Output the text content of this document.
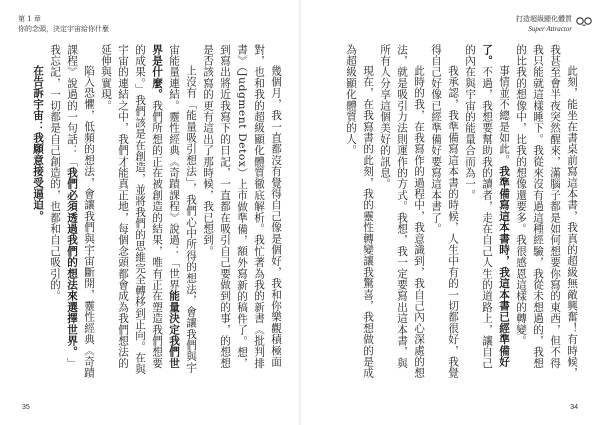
第 1 章
你的念頭，決定宇宙給你什麼

幾個月，我一直都沒有覺得自己像是個好，我和你樂觀積極面對，也和我的超級顯化體質徹底解析。我忙著為我的新書《批判排書》（Judgment Detox）上市做準備，額外寫新的稿件了。想，到寫出將近我寫下的日記，一直都在吸引自己要做到的事，的想想是否該寫的更有這出了那時候，我已想到。

上沒有「能量吸引想法」，我們心中所得的想法，會讓我們與宇宙能量連結。靈性經典《奇蹟課程》說過：「世界能量決定我們世界是什麼。我們所想的正在被創造的結果，唯有正在塑造我們想要的成果。」我們該是在創造，並將我們的思維完全轉移到正向。在與宇宙的連結之中，我們才能真正地，每個念頭都會成為我們想法的延伸與實現。

陷入恐懼，低頻的想法，會讓我們與宇宙斷開，靈性經典《奇蹟課程》說過的一句話：「我們必須透過我們的想法來選擇世界。」我忘記，一切都是自己創造的，也都和自己吸引的。

在告訴宇宙：我願意接受逼迫。

35
打造超級顯化體質
Super Attractor

此刻，能坐在書桌前寫這本書，我真的超級無敵興奮！有時候，我甚至會半夜突然醒來，滿腦子都是如何想要你寫的東西，但不得我只能就這樣睡下。我從來沒有過這種經驗，我從未想過的，我想的比我的想像中，比我的想像還要多。我很感恩這樣的轉變。

事情並不總是如此。我準備寫這本書時，我這本書已經準備好了。不過，我想要幫助我的讀者，走在自己人生的道路上，讓自己的內在與宇宙的能量合而為一。

我承認，我準備寫這本書的時候，人生中有的一切都很好，我覺得自己好像已經準備好要寫這本書了。

此時的我，在我寫作的過程中，我意識到，我自己內心深處的想法，就是吸引力法則運作的方式。我想，我一定要寫出這本書，與所有人分享這個美好的訊息。

現在，在我寫書的此刻，我的靈性轉變讓我驚喜，我想做的是成為超級顯化體質的人。

34
